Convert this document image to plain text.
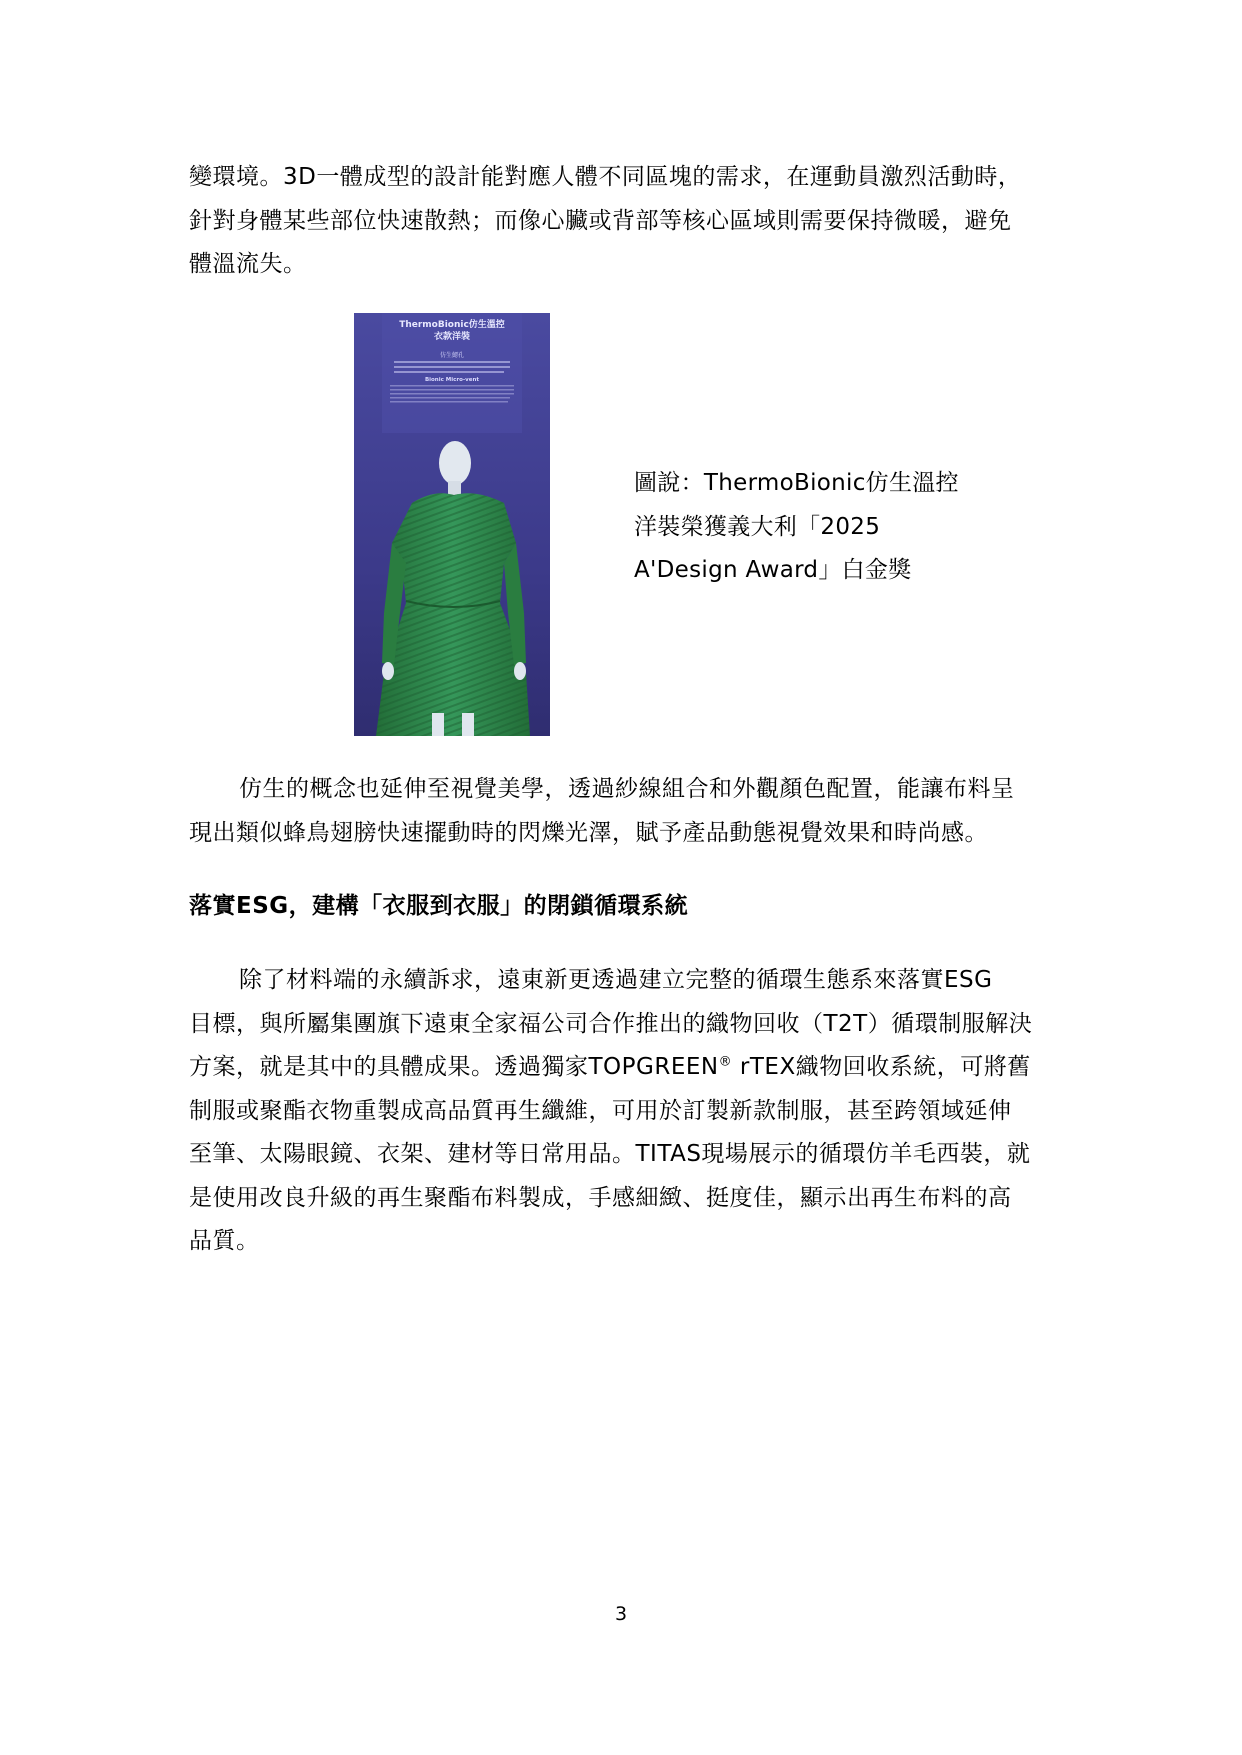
變環境。3D一體成型的設計能對應人體不同區塊的需求，在運動員激烈活動時，

針對身體某些部位快速散熱；而像心臟或背部等核心區域則需要保持微暖，避免

體溫流失。

ThermoBionic仿生溫控
衣款洋裝
仿生鰓孔
Bionic Micro-vent

圖說：ThermoBionic仿生溫控

洋裝榮獲義大利「2025

A'Design Award」白金獎

仿生的概念也延伸至視覺美學，透過紗線組合和外觀顏色配置，能讓布料呈

現出類似蜂鳥翅膀快速擺動時的閃爍光澤，賦予產品動態視覺效果和時尚感。

落實ESG，建構「衣服到衣服」的閉鎖循環系統

除了材料端的永續訴求，遠東新更透過建立完整的循環生態系來落實ESG

目標，與所屬集團旗下遠東全家福公司合作推出的織物回收（T2T）循環制服解決

方案，就是其中的具體成果。透過獨家TOPGREEN® rTEX織物回收系統，可將舊

制服或聚酯衣物重製成高品質再生纖維，可用於訂製新款制服，甚至跨領域延伸

至筆、太陽眼鏡、衣架、建材等日常用品。TITAS現場展示的循環仿羊毛西裝，就

是使用改良升級的再生聚酯布料製成，手感細緻、挺度佳，顯示出再生布料的高

品質。

3
